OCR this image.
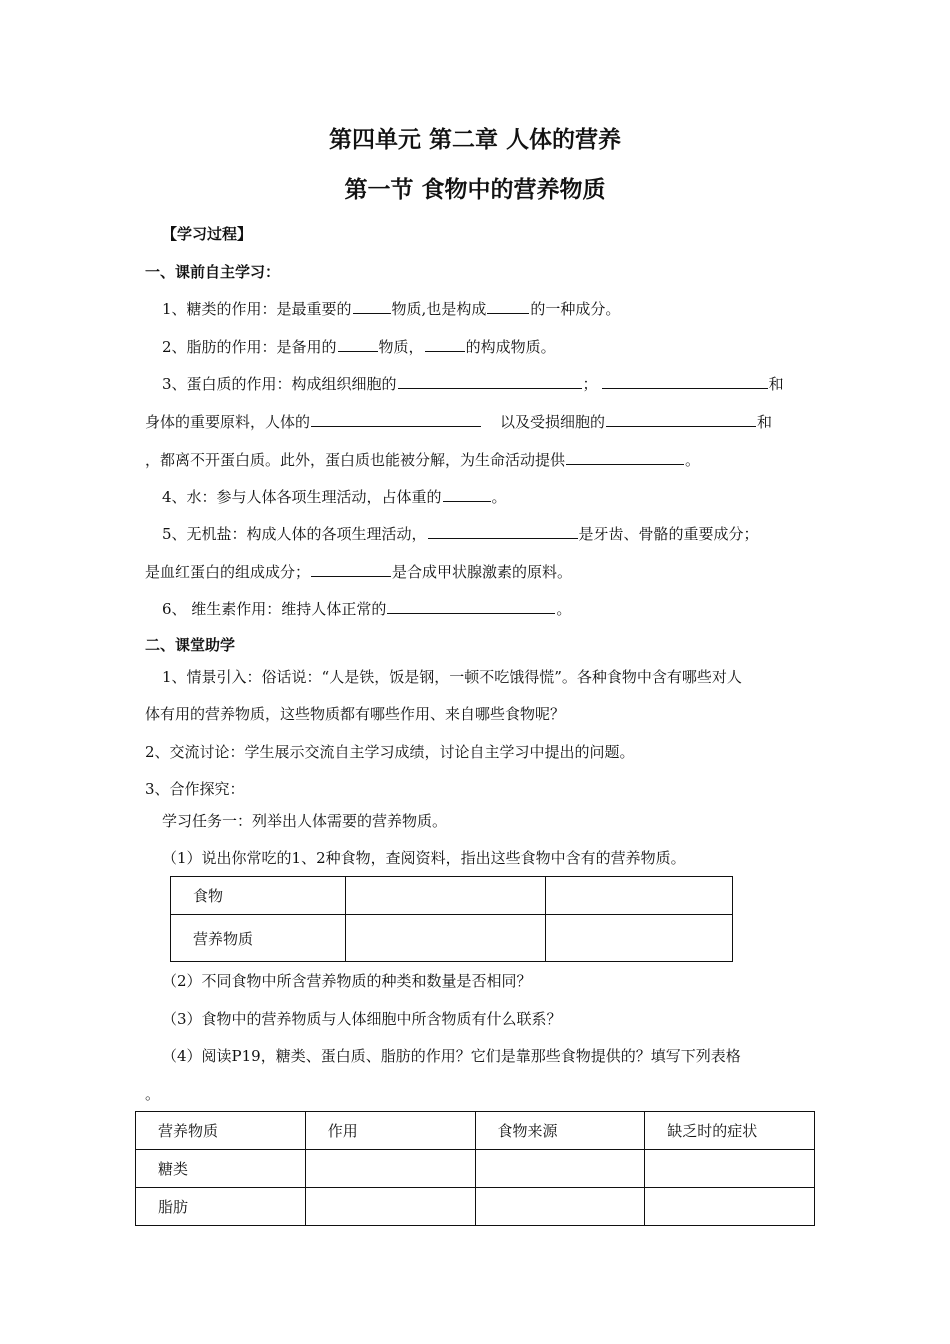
第四单元 第二章 人体的营养
第一节 食物中的营养物质
【学习过程】
一、课前自主学习：
1、糖类的作用：是最重要的	物质,也是构成	的一种成分。
2、脂肪的作用：是备用的	物质，	的构成物质。
3、蛋白质的作用：构成组织细胞的	；	和
身体的重要原料，人体的	以及受损细胞的	和
，都离不开蛋白质。此外，蛋白质也能被分解，为生命活动提供	。
4、水：参与人体各项生理活动，占体重的	。
5、无机盐：构成人体的各项生理活动，	是牙齿、骨骼的重要成分；
是血红蛋白的组成成分；	是合成甲状腺激素的原料。
6、 维生素作用：维持人体正常的	。
二、课堂助学
1、情景引入：俗话说：“人是铁，饭是钢，一顿不吃饿得慌”。各种食物中含有哪些对人
体有用的营养物质，这些物质都有哪些作用、来自哪些食物呢？
2、交流讨论：学生展示交流自主学习成绩，讨论自主学习中提出的问题。
3、合作探究：
学习任务一：列举出人体需要的营养物质。
（1）说出你常吃的1、2种食物，查阅资料，指出这些食物中含有的营养物质。
食物		
营养物质		
（2）不同食物中所含营养物质的种类和数量是否相同？
（3）食物中的营养物质与人体细胞中所含物质有什么联系？
（4）阅读P19，糖类、蛋白质、脂肪的作用？它们是靠那些食物提供的？填写下列表格
。
营养物质	作用	食物来源	缺乏时的症状
糖类			
脂肪			
